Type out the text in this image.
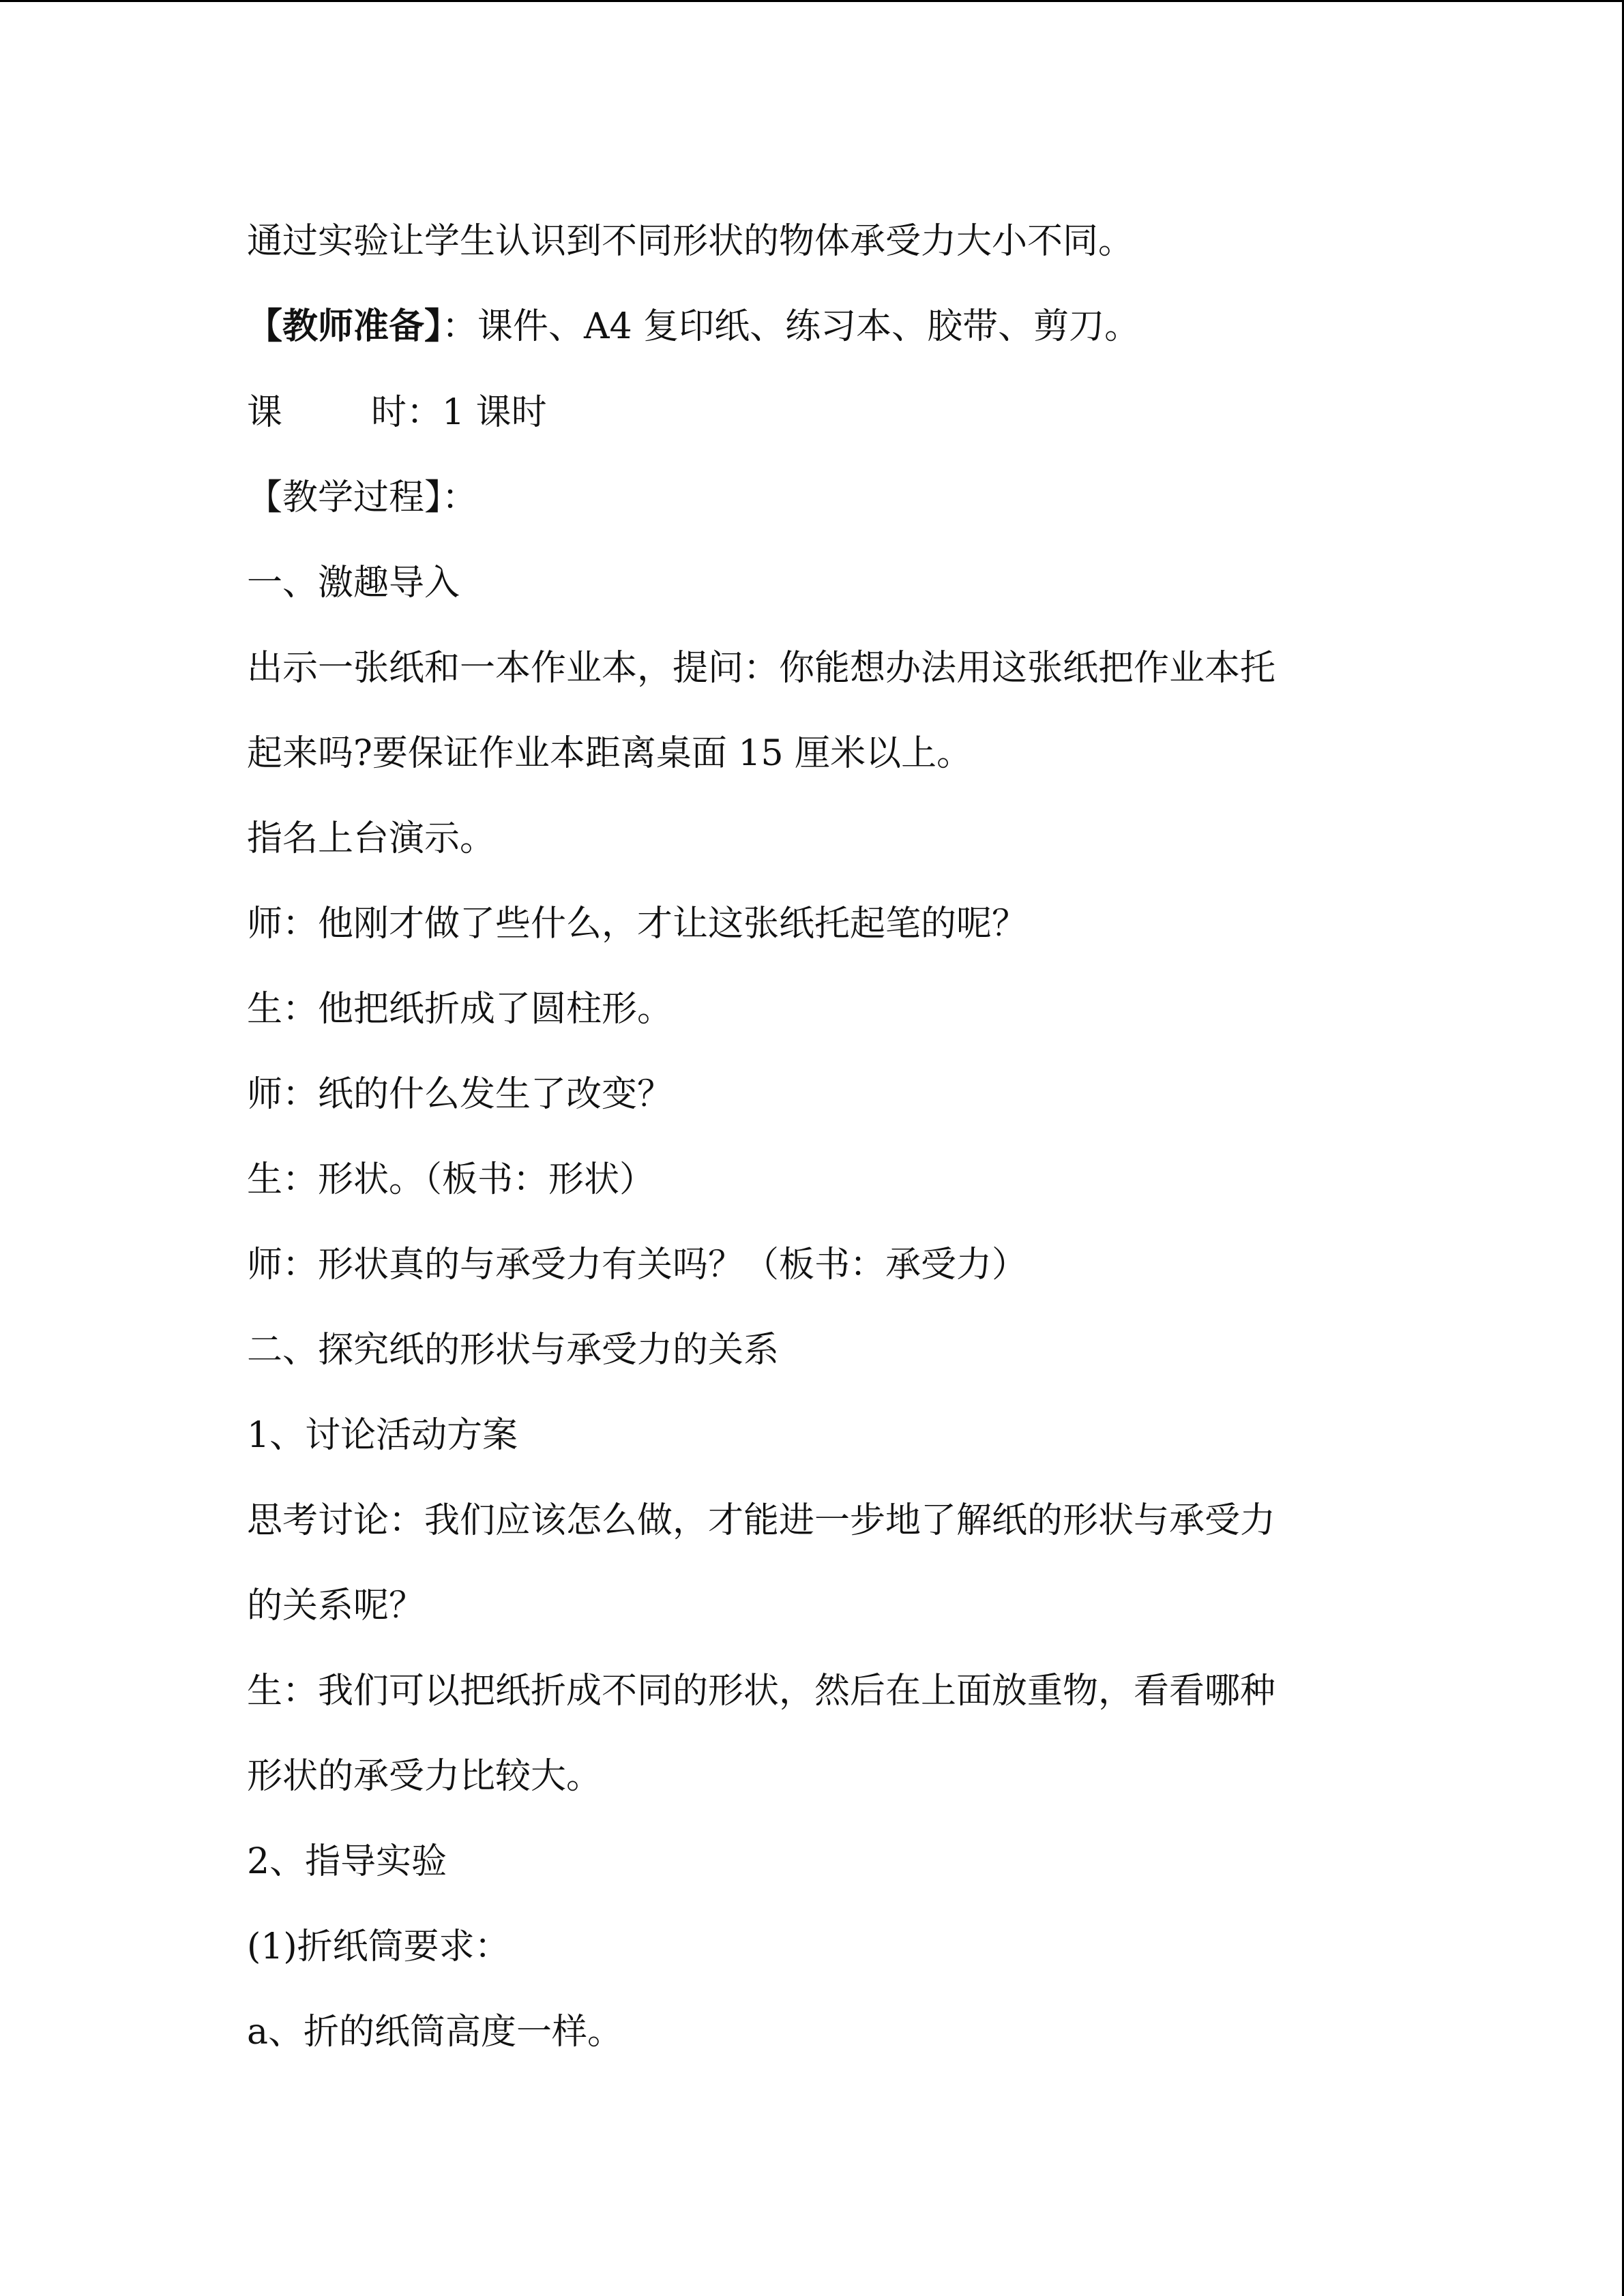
通过实验让学生认识到不同形状的物体承受力大小不同。
【教师准备】：课件、A4 复印纸、练习本、胶带、剪刀。
课	时：1 课时
【教学过程】：
一、激趣导入
出示一张纸和一本作业本，提问：你能想办法用这张纸把作业本托
起来吗?要保证作业本距离桌面 15 厘米以上。
指名上台演示。
师：他刚才做了些什么，才让这张纸托起笔的呢？
生：他把纸折成了圆柱形。
师：纸的什么发生了改变？
生：形状。（板书：形状）
师：形状真的与承受力有关吗？（板书：承受力）
二、探究纸的形状与承受力的关系
1、讨论活动方案
思考讨论：我们应该怎么做，才能进一步地了解纸的形状与承受力
的关系呢？
生：我们可以把纸折成不同的形状，然后在上面放重物，看看哪种
形状的承受力比较大。
2、指导实验
(1)折纸筒要求：
a、折的纸筒高度一样。
